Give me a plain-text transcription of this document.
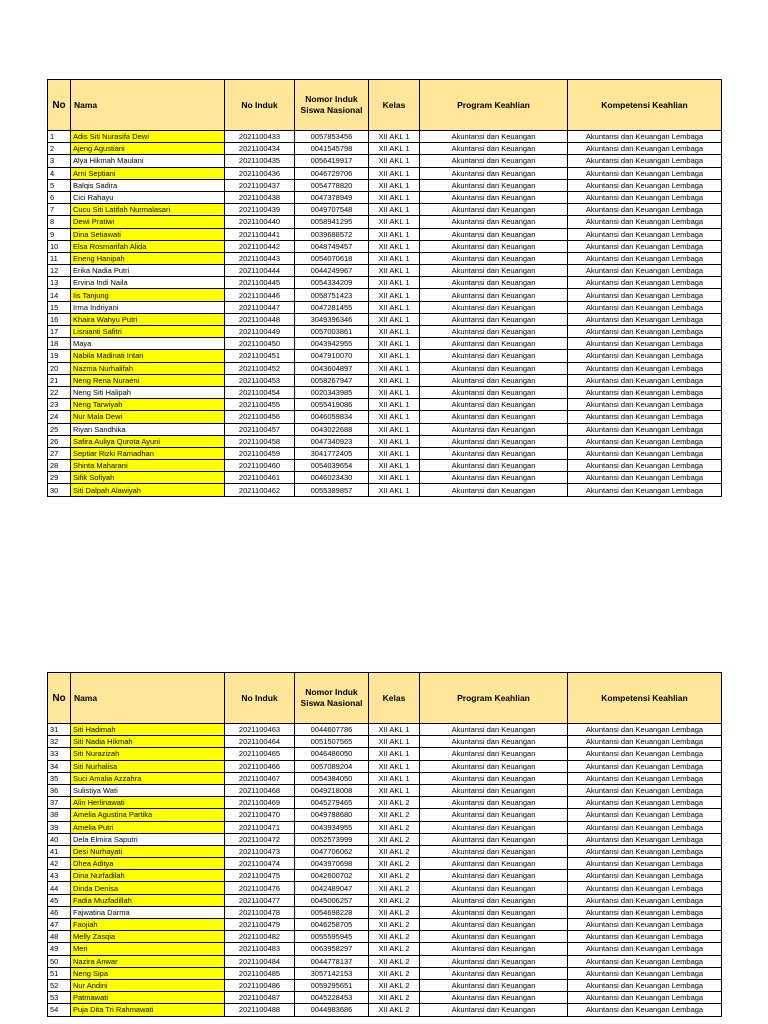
No	Nama	No Induk	Nomor Induk
Siswa Nasional	Kelas	Program Keahlian	Kompetensi Keahlian
1	Adis Siti Nurasifa Dewi	2021100433	0057853456	XII AKL 1	Akuntansi dan Keuangan	Akuntansi dan Keuangan Lembaga
2	Ajeng Agustiani	2021100434	0041545798	XII AKL 1	Akuntansi dan Keuangan	Akuntansi dan Keuangan Lembaga
3	Alya Hikmah Maulani	2021100435	0056419917	XII AKL 1	Akuntansi dan Keuangan	Akuntansi dan Keuangan Lembaga
4	Arni Septiani	2021100436	0046729706	XII AKL 1	Akuntansi dan Keuangan	Akuntansi dan Keuangan Lembaga
5	Balqis Sadira	2021100437	0054778820	XII AKL 1	Akuntansi dan Keuangan	Akuntansi dan Keuangan Lembaga
6	Cici Rahayu	2021100438	0047378949	XII AKL 1	Akuntansi dan Keuangan	Akuntansi dan Keuangan Lembaga
7	Cucu Siti Latifah Nurmalasari	2021100439	0049707548	XII AKL 1	Akuntansi dan Keuangan	Akuntansi dan Keuangan Lembaga
8	Dewi Pratiwi	2021100440	0058941295	XII AKL 1	Akuntansi dan Keuangan	Akuntansi dan Keuangan Lembaga
9	Dina Setiawati	2021100441	0039688572	XII AKL 1	Akuntansi dan Keuangan	Akuntansi dan Keuangan Lembaga
10	Elsa Rosmarifah Alida	2021100442	0048749457	XII AKL 1	Akuntansi dan Keuangan	Akuntansi dan Keuangan Lembaga
11	Eneng Hanipah	2021100443	0054070618	XII AKL 1	Akuntansi dan Keuangan	Akuntansi dan Keuangan Lembaga
12	Erika Nadia Putri	2021100444	0044249967	XII AKL 1	Akuntansi dan Keuangan	Akuntansi dan Keuangan Lembaga
13	Ervina Indi Naila	2021100445	0054334209	XII AKL 1	Akuntansi dan Keuangan	Akuntansi dan Keuangan Lembaga
14	Iis Tanjung	2021100446	0058751423	XII AKL 1	Akuntansi dan Keuangan	Akuntansi dan Keuangan Lembaga
15	Irma Indriyani	2021100447	0047281455	XII AKL 1	Akuntansi dan Keuangan	Akuntansi dan Keuangan Lembaga
16	Khaira Wahyu Putri	2021100448	3049396346	XII AKL 1	Akuntansi dan Keuangan	Akuntansi dan Keuangan Lembaga
17	Lisnianti Safitri	2021100449	0057003861	XII AKL 1	Akuntansi dan Keuangan	Akuntansi dan Keuangan Lembaga
18	Maya	2021100450	0043942955	XII AKL 1	Akuntansi dan Keuangan	Akuntansi dan Keuangan Lembaga
19	Nabila Madinati Intan	2021100451	0047910070	XII AKL 1	Akuntansi dan Keuangan	Akuntansi dan Keuangan Lembaga
20	Nazma Nurhalifah	2021100452	0043604897	XII AKL 1	Akuntansi dan Keuangan	Akuntansi dan Keuangan Lembaga
21	Neng Rena Nuraeni	2021100453	0058267947	XII AKL 1	Akuntansi dan Keuangan	Akuntansi dan Keuangan Lembaga
22	Neng Siti Halipah	2021100454	0020343985	XII AKL 1	Akuntansi dan Keuangan	Akuntansi dan Keuangan Lembaga
23	Neng Tarwiyah	2021100455	0055419086	XII AKL 1	Akuntansi dan Keuangan	Akuntansi dan Keuangan Lembaga
24	Nur Mala Dewi	2021100456	0046059834	XII AKL 1	Akuntansi dan Keuangan	Akuntansi dan Keuangan Lembaga
25	Riyan Sandhika	2021100457	0043022688	XII AKL 1	Akuntansi dan Keuangan	Akuntansi dan Keuangan Lembaga
26	Safira Auliya Qurota Ayuni	2021100458	0047340923	XII AKL 1	Akuntansi dan Keuangan	Akuntansi dan Keuangan Lembaga
27	Septiar Rizki Ramadhan	2021100459	3041772405	XII AKL 1	Akuntansi dan Keuangan	Akuntansi dan Keuangan Lembaga
28	Shinta Maharani	2021100460	0054039654	XII AKL 1	Akuntansi dan Keuangan	Akuntansi dan Keuangan Lembaga
29	Sifik Sofiyah	2021100461	0046023430	XII AKL 1	Akuntansi dan Keuangan	Akuntansi dan Keuangan Lembaga
30	Siti Dalpah Alawiyah	2021100462	0055389857	XII AKL 1	Akuntansi dan Keuangan	Akuntansi dan Keuangan Lembaga
No	Nama	No Induk	Nomor Induk
Siswa Nasional	Kelas	Program Keahlian	Kompetensi Keahlian
31	Siti Hadimah	2021100463	0044607786	XII AKL 1	Akuntansi dan Keuangan	Akuntansi dan Keuangan Lembaga
32	Siti Nadia Hikmah	2021100464	0051507565	XII AKL 1	Akuntansi dan Keuangan	Akuntansi dan Keuangan Lembaga
33	Siti Nurazizah	2021100465	0046486050	XII AKL 1	Akuntansi dan Keuangan	Akuntansi dan Keuangan Lembaga
34	Siti Nurhalisa	2021100466	0057089204	XII AKL 1	Akuntansi dan Keuangan	Akuntansi dan Keuangan Lembaga
35	Suci Amalia Azzahra	2021100467	0054384050	XII AKL 1	Akuntansi dan Keuangan	Akuntansi dan Keuangan Lembaga
36	Sulistiya Wati	2021100468	0049218008	XII AKL 1	Akuntansi dan Keuangan	Akuntansi dan Keuangan Lembaga
37	Alin Herlinawati	2021100469	0045279465	XII AKL 2	Akuntansi dan Keuangan	Akuntansi dan Keuangan Lembaga
38	Amelia Agustina Partika	2021100470	0049788680	XII AKL 2	Akuntansi dan Keuangan	Akuntansi dan Keuangan Lembaga
39	Amelia Putri	2021100471	0043934955	XII AKL 2	Akuntansi dan Keuangan	Akuntansi dan Keuangan Lembaga
40	Dela Elmira Saputri	2021100472	0052573999	XII AKL 2	Akuntansi dan Keuangan	Akuntansi dan Keuangan Lembaga
41	Desi Nurhayati	2021100473	0047706062	XII AKL 2	Akuntansi dan Keuangan	Akuntansi dan Keuangan Lembaga
42	Dhea Aditya	2021100474	0043970698	XII AKL 2	Akuntansi dan Keuangan	Akuntansi dan Keuangan Lembaga
43	Dina Nurfadilah	2021100475	0042600702	XII AKL 2	Akuntansi dan Keuangan	Akuntansi dan Keuangan Lembaga
44	Dinda Denisa	2021100476	0042489047	XII AKL 2	Akuntansi dan Keuangan	Akuntansi dan Keuangan Lembaga
45	Fadia Muzfadillah	2021100477	0045006257	XII AKL 2	Akuntansi dan Keuangan	Akuntansi dan Keuangan Lembaga
46	Fajwatina Darma	2021100478	0054698228	XII AKL 2	Akuntansi dan Keuangan	Akuntansi dan Keuangan Lembaga
47	Faojiah	2021100479	0046258705	XII AKL 2	Akuntansi dan Keuangan	Akuntansi dan Keuangan Lembaga
48	Melly Zasqia	2021100482	0055595945	XII AKL 2	Akuntansi dan Keuangan	Akuntansi dan Keuangan Lembaga
49	Meri	2021100483	0063958297	XII AKL 2	Akuntansi dan Keuangan	Akuntansi dan Keuangan Lembaga
50	Nazira Anwar	2021100484	0044778137	XII AKL 2	Akuntansi dan Keuangan	Akuntansi dan Keuangan Lembaga
51	Neng Sipa	2021100485	3057142153	XII AKL 2	Akuntansi dan Keuangan	Akuntansi dan Keuangan Lembaga
52	Nur Andini	2021100486	0059295651	XII AKL 2	Akuntansi dan Keuangan	Akuntansi dan Keuangan Lembaga
53	Patmawati	2021100487	0045228453	XII AKL 2	Akuntansi dan Keuangan	Akuntansi dan Keuangan Lembaga
54	Puja Dita Tri Rahmawati	2021100488	0044983686	XII AKL 2	Akuntansi dan Keuangan	Akuntansi dan Keuangan Lembaga
